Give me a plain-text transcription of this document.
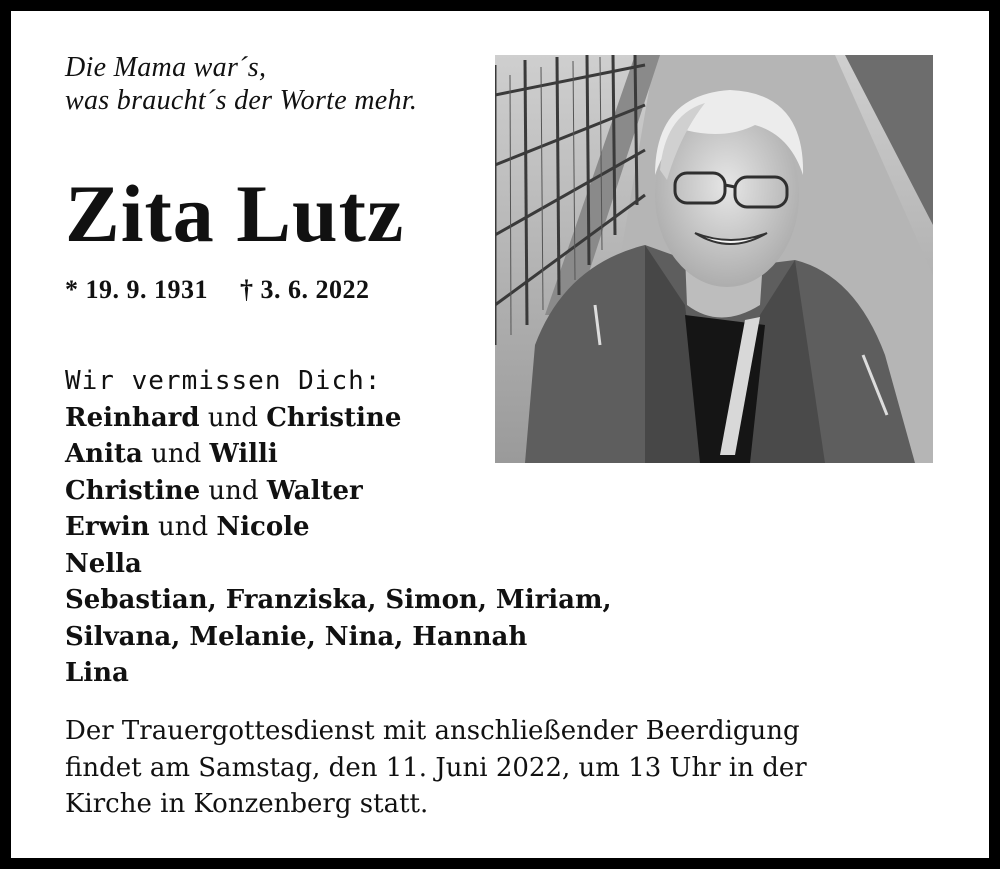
Die Mama war´s,
was braucht´s der Worte mehr.
Zita Lutz
* 19. 9. 1931 † 3. 6. 2022
Wir vermissen Dich:
Reinhard und Christine
Anita und Willi
Christine und Walter
Erwin und Nicole
Nella
Sebastian, Franziska, Simon, Miriam,
Silvana, Melanie, Nina, Hannah
Lina
Der Trauergottesdienst mit anschließender Beerdigung
findet am Samstag, den 11. Juni 2022, um 13 Uhr in der
Kirche in Konzenberg statt.
